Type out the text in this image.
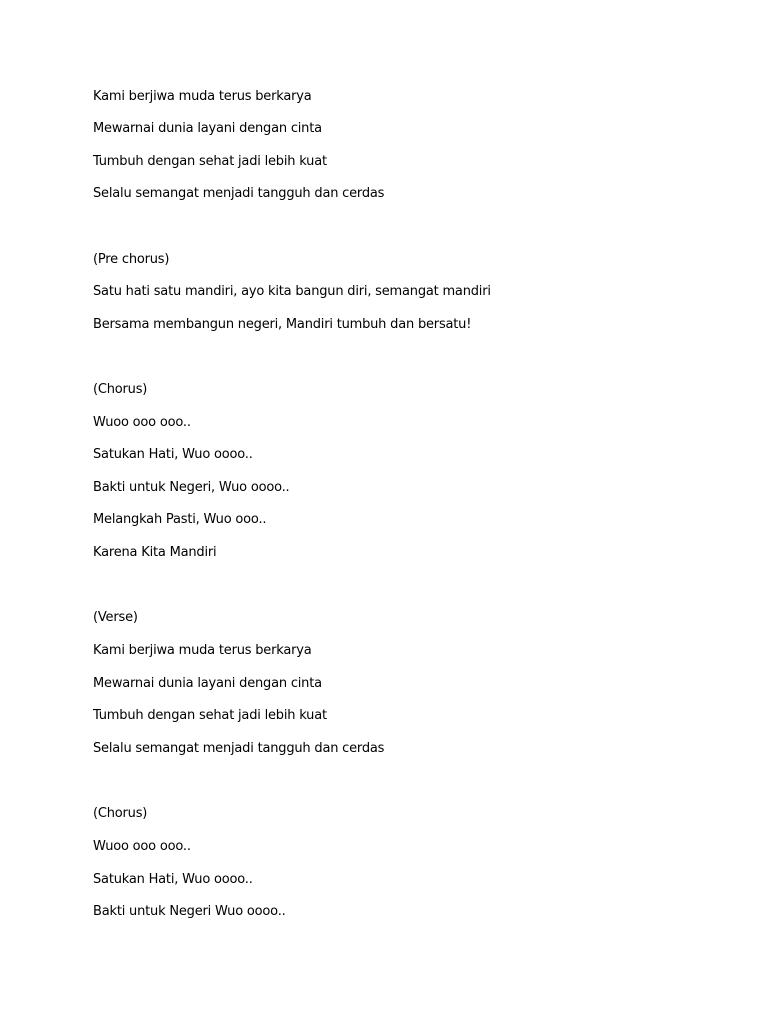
Kami berjiwa muda terus berkarya
Mewarnai dunia layani dengan cinta
Tumbuh dengan sehat jadi lebih kuat
Selalu semangat menjadi tangguh dan cerdas
(Pre chorus)
Satu hati satu mandiri, ayo kita bangun diri, semangat mandiri
Bersama membangun negeri, Mandiri tumbuh dan bersatu!
(Chorus)
Wuoo ooo ooo..
Satukan Hati, Wuo oooo..
Bakti untuk Negeri, Wuo oooo..
Melangkah Pasti, Wuo ooo..
Karena Kita Mandiri
(Verse)
Kami berjiwa muda terus berkarya
Mewarnai dunia layani dengan cinta
Tumbuh dengan sehat jadi lebih kuat
Selalu semangat menjadi tangguh dan cerdas
(Chorus)
Wuoo ooo ooo..
Satukan Hati, Wuo oooo..
Bakti untuk Negeri Wuo oooo..
